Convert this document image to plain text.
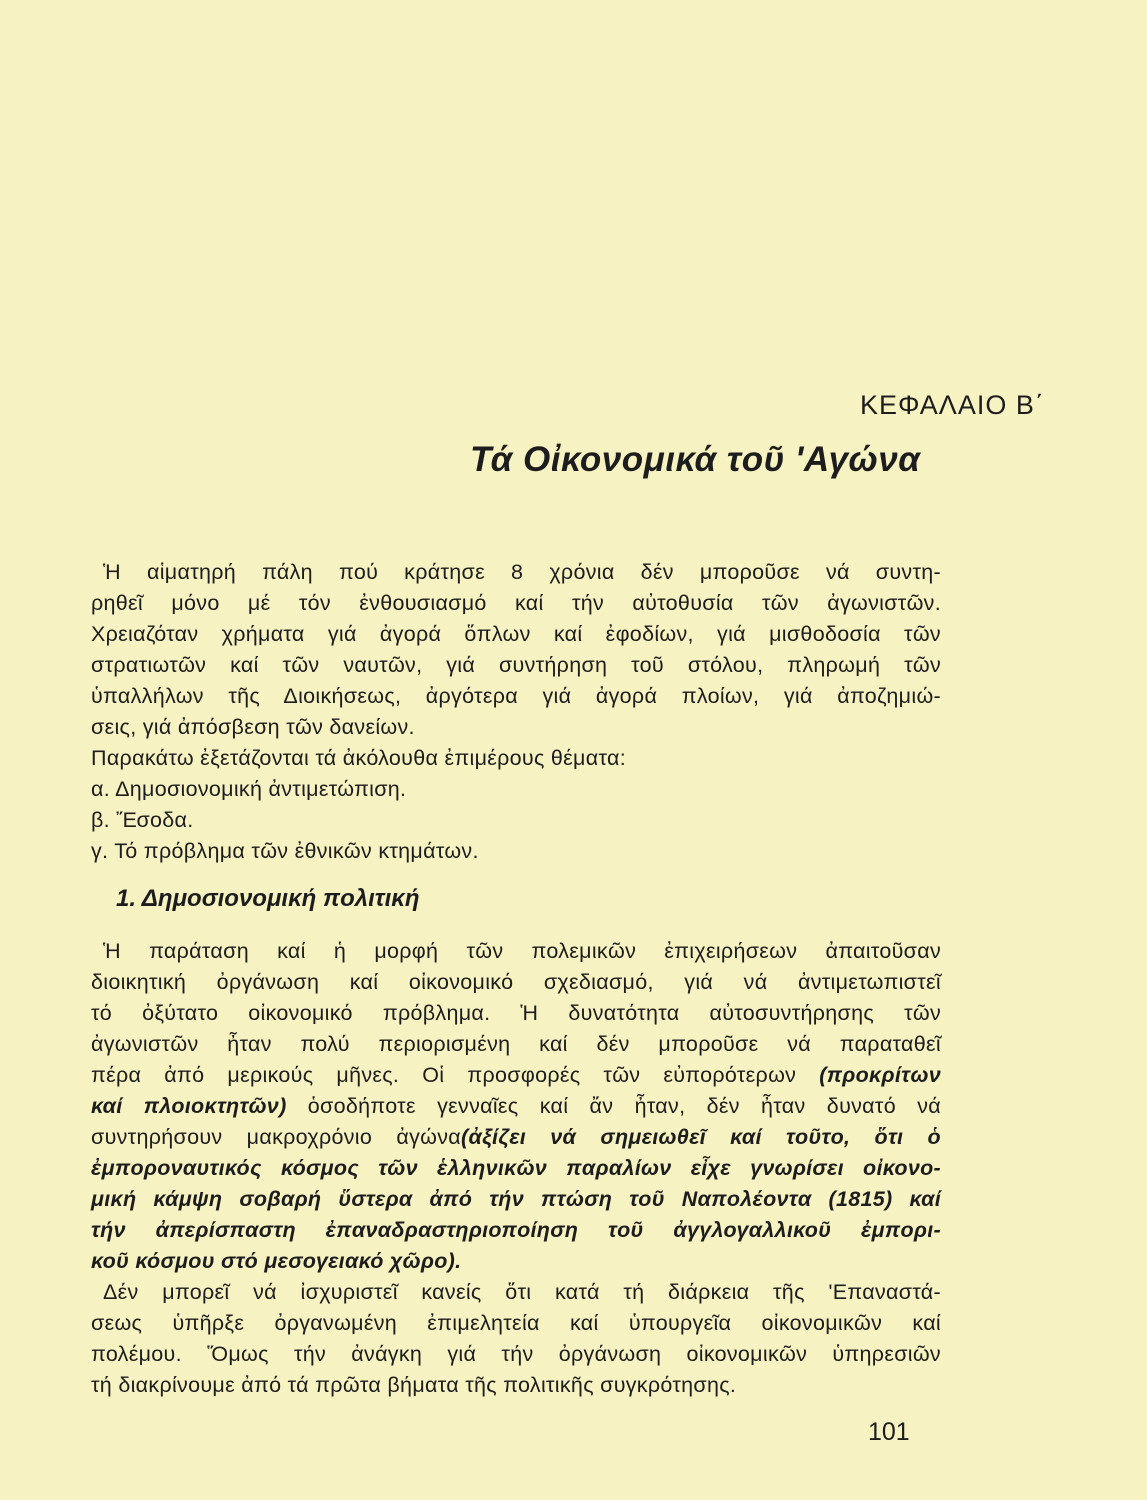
ΚΕΦΑΛΑΙΟ Β΄
Τά Οἰκονομικά τοῦ 'Αγώνα
Ἡ αἱματηρή πάλη πού κράτησε 8 χρόνια δέν μποροῦσε νά συντη-
ρηθεῖ μόνο μέ τόν ἐνθουσιασμό καί τήν αὐτοθυσία τῶν ἀγωνιστῶν.
Χρειαζόταν χρήματα γιά ἀγορά ὅπλων καί ἐφοδίων, γιά μισθοδοσία τῶν
στρατιωτῶν καί τῶν ναυτῶν, γιά συντήρηση τοῦ στόλου, πληρωμή τῶν
ὑπαλλήλων τῆς Διοικήσεως, ἀργότερα γιά ἀγορά πλοίων, γιά ἀποζημιώ-
σεις, γιά ἀπόσβεση τῶν δανείων.
Παρακάτω ἐξετάζονται τά ἀκόλουθα ἐπιμέρους θέματα:
α. Δημοσιονομική ἀντιμετώπιση.
β. Ἔσοδα.
γ. Τό πρόβλημα τῶν ἐθνικῶν κτημάτων.
1. Δημοσιονομική πολιτική
Ἡ παράταση καί ἡ μορφή τῶν πολεμικῶν ἐπιχειρήσεων ἀπαιτοῦσαν
διοικητική ὀργάνωση καί οἰκονομικό σχεδιασμό, γιά νά ἀντιμετωπιστεῖ
τό ὀξύτατο οἰκονομικό πρόβλημα. Ἡ δυνατότητα αὐτοσυντήρησης τῶν
ἀγωνιστῶν ἦταν πολύ περιορισμένη καί δέν μποροῦσε νά παραταθεῖ
πέρα ἀπό μερικούς μῆνες. Οἱ προσφορές τῶν εὐπορότερων (προκρίτων
καί πλοιοκτητῶν) ὁσοδήποτε γενναῖες καί ἄν ἦταν, δέν ἦταν δυνατό νά
συντηρήσουν μακροχρόνιο ἀγώνα(ἀξίζει νά σημειωθεῖ καί τοῦτο, ὅτι ὁ
ἐμποροναυτικός κόσμος τῶν ἑλληνικῶν παραλίων εἶχε γνωρίσει οἰκονο-
μική κάμψη σοβαρή ὕστερα ἀπό τήν πτώση τοῦ Ναπολέοντα (1815) καί
τήν ἀπερίσπαστη ἐπαναδραστηριοποίηση τοῦ ἀγγλογαλλικοῦ ἐμπορι-
κοῦ κόσμου στό μεσογειακό χῶρο).
Δέν μπορεῖ νά ἰσχυριστεῖ κανείς ὅτι κατά τή διάρκεια τῆς 'Επαναστά-
σεως ὑπῆρξε ὀργανωμένη ἐπιμελητεία καί ὑπουργεῖα οἰκονομικῶν καί
πολέμου. Ὅμως τήν ἀνάγκη γιά τήν ὀργάνωση οἰκονομικῶν ὑπηρεσιῶν
τή διακρίνουμε ἀπό τά πρῶτα βήματα τῆς πολιτικῆς συγκρότησης.
101
